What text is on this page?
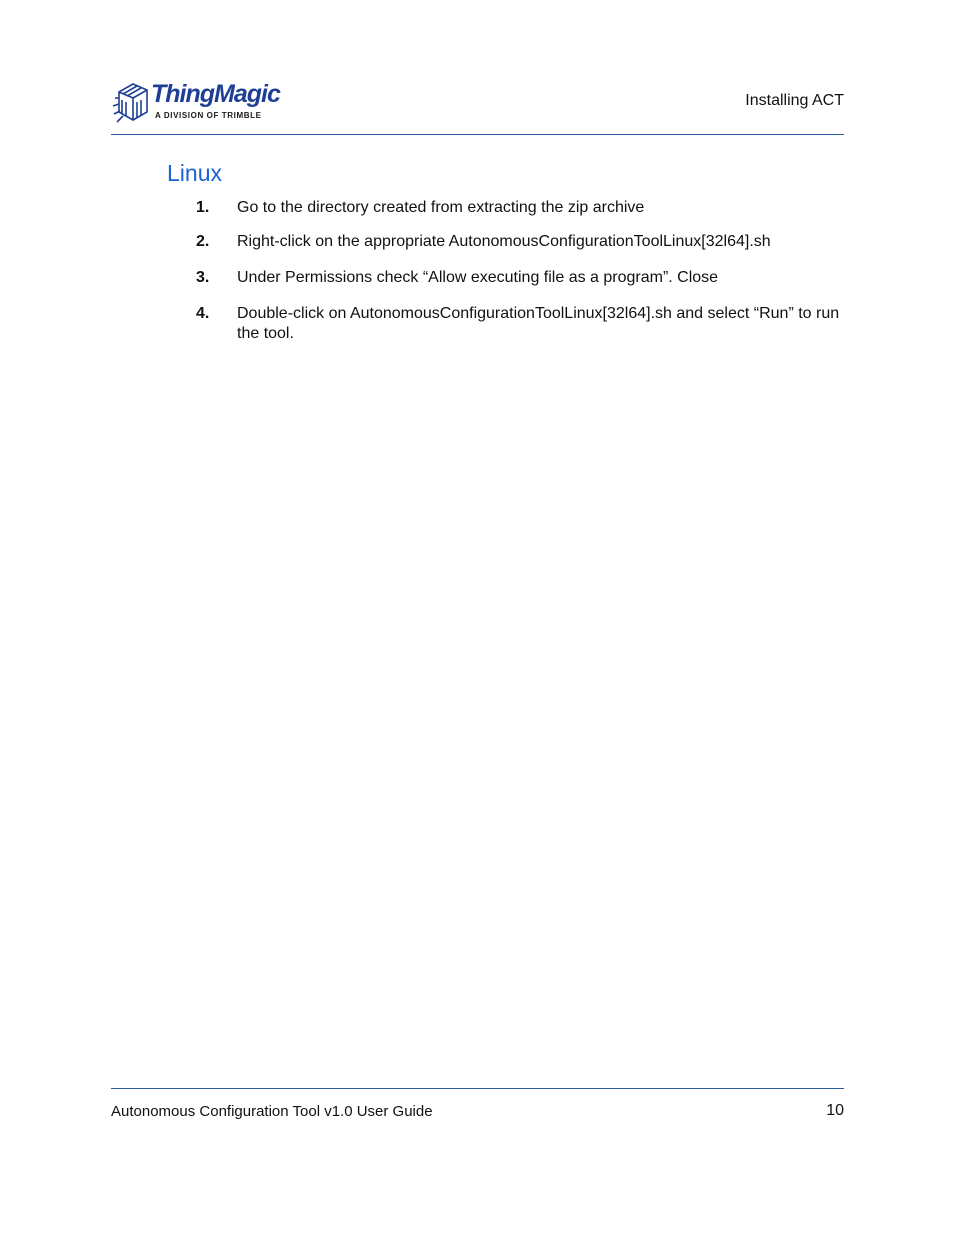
ThingMagic
A DIVISION OF TRIMBLE
Installing ACT
Linux
1. Go to the directory created from extracting the zip archive
2. Right-click on the appropriate AutonomousConfigurationToolLinux[32l64].sh
3. Under Permissions check “Allow executing file as a program”. Close
4. Double-click on AutonomousConfigurationToolLinux[32l64].sh and select “Run” to run the tool.
Autonomous Configuration Tool v1.0 User Guide	10
